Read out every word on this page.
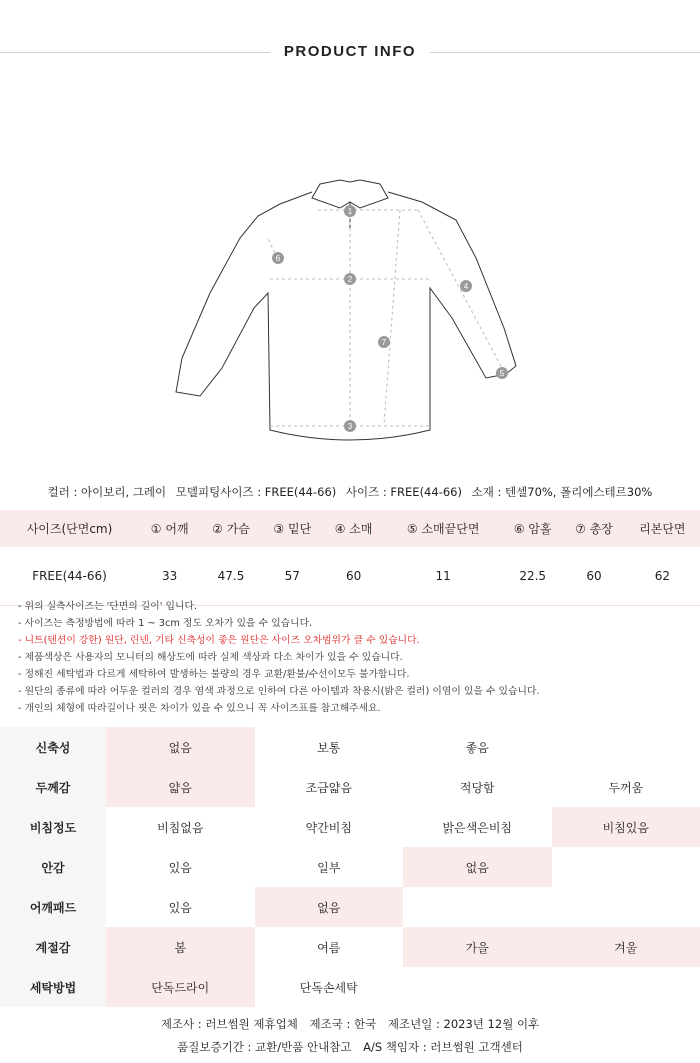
PRODUCT INFO
1
2
3
4
5
6
7
컬러 : 아이보리, 그레이 모델피팅사이즈 : FREE(44-66) 사이즈 : FREE(44-66) 소재 : 텐셀70%, 폴리에스테르30%
사이즈(단면cm)	① 어깨	② 가슴	③ 밑단	④ 소매	⑤ 소매끝단면	⑥ 암홀	⑦ 총장	리본단면
FREE(44-66)	33	47.5	57	60	11	22.5	60	62
- 위의 실측사이즈는 '단면의 길이' 입니다.
- 사이즈는 측정방법에 따라 1 ~ 3cm 정도 오차가 있을 수 있습니다.
- 니트(텐션이 강한) 원단, 린넨, 기타 신축성이 좋은 원단은 사이즈 오차범위가 클 수 있습니다.
- 제품색상은 사용자의 모니터의 해상도에 따라 실제 색상과 다소 차이가 있을 수 있습니다.
- 정해진 세탁법과 다르게 세탁하여 발생하는 불량의 경우 교환/환불/수선이모두 불가합니다.
- 원단의 종류에 따라 어두운 컬러의 경우 염색 과정으로 인하여 다른 아이템과 착용시(밝은 컬러) 이염이 있을 수 있습니다.
- 개인의 체형에 따라길이나 핏은 차이가 있을 수 있으니 꼭 사이즈표를 참고해주세요.
신축성	없음	보통	좋음	
두께감	얇음	조금얇음	적당함	두꺼움
비침정도	비침없음	약간비침	밝은색은비침	비침있음
안감	있음	일부	없음	
어깨패드	있음	없음		
계절감	봄	여름	가을	겨울
세탁방법	단독드라이	단독손세탁		
제조사 : 러브썸원 제휴업체 제조국 : 한국 제조년일 : 2023년 12월 이후
품질보증기간 : 교환/반품 안내참고 A/S 책임자 : 러브썸원 고객센터
